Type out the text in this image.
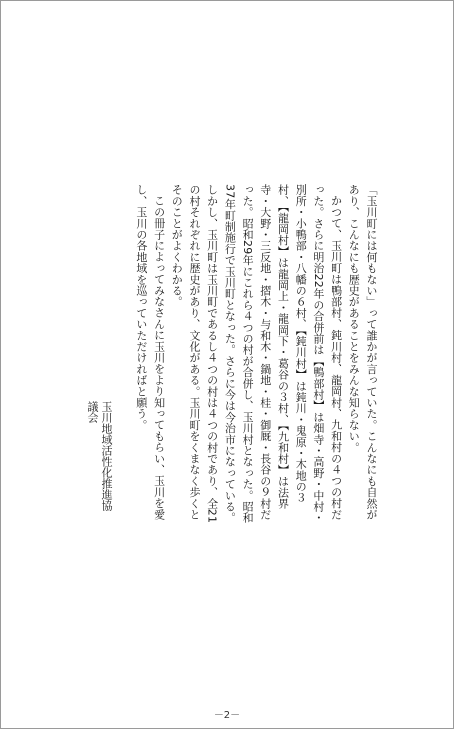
「玉川町には何もない」って誰かが言っていた。こんなにも自然があり、こんなにも歴史があることをみんな知らない。

かつて、玉川町は鴨部村、鈍川村、龍岡村、九和村の４つの村だった。さらに明治22年の合併前は【鴨部村】は畑寺・高野・中村・別所・小鴨部・八幡の６村、【鈍川村】は鈍川・鬼原・木地の３村、【龍岡村】は龍岡上・龍岡下・葛谷の３村、【九和村】は法界寺・大野・三反地・摺木・与和木・鍋地・桂・御厩・長谷の９村だった。昭和29年にこれら４つの村が合併し、玉川村となった。昭和37年町制施行で玉川町となった。さらに今は今治市になっている。しかし、玉川町は玉川町であるし４つの村は４つの村であり、全21の村それぞれに歴史があり、文化がある。玉川町をくまなく歩くとそのことがよくわかる。

この冊子によってみなさんに玉川をより知ってもらい、玉川を愛し、玉川の各地域を巡っていただければと願う。

玉川地域活性化推進協議会
－2－
